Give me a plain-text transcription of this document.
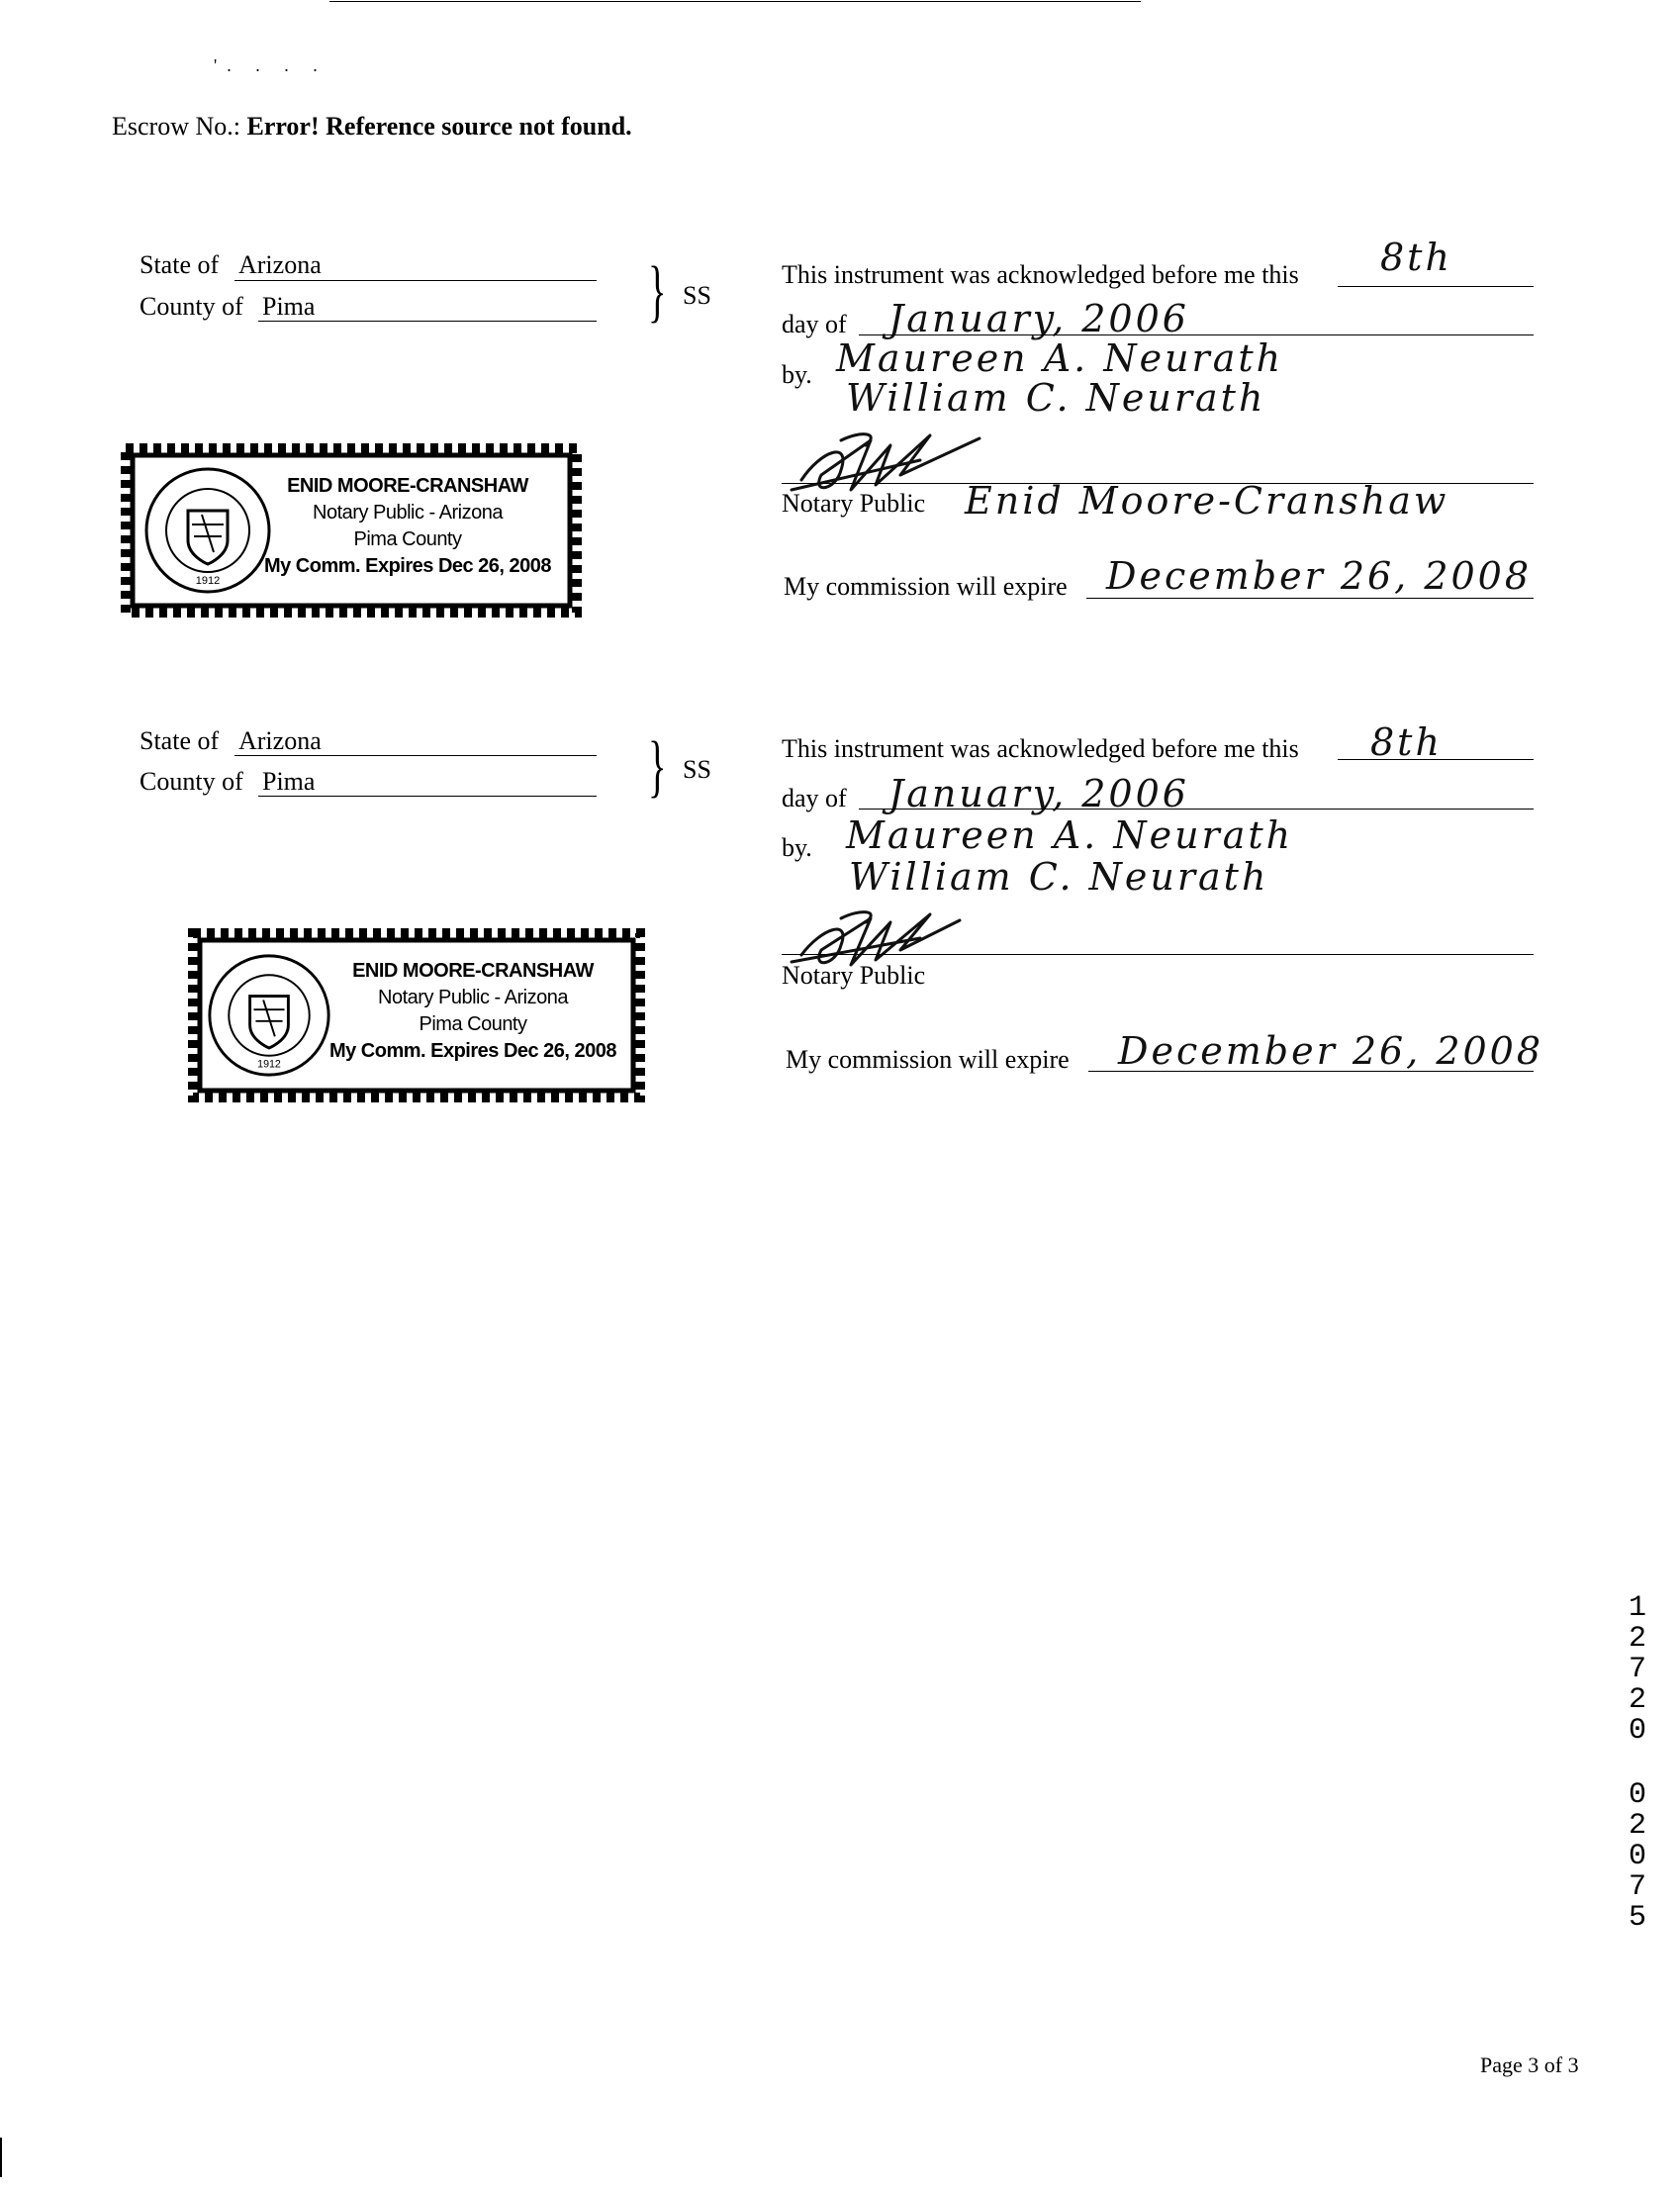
'. . . .
Escrow No.: Error! Reference source not found.
State of Arizona
County of Pima	} SS
This instrument was acknowledged before me this 8th
day of January, 2006
by. Maureen A. Neurath
William C. Neurath
Notary Public Enid Moore-Cranshaw
My commission will expire December 26, 2008
1912
ENID MOORE-CRANSHAW
Notary Public - Arizona
Pima County
My Comm. Expires Dec 26, 2008
State of Arizona
County of Pima	} SS
This instrument was acknowledged before me this 8th
day of January, 2006
by. Maureen A. Neurath
William C. Neurath
Notary Public
My commission will expire December 26, 2008
1912
ENID MOORE-CRANSHAW
Notary Public - Arizona
Pima County
My Comm. Expires Dec 26, 2008
1
2
7
2
0
0
2
0
7
5
Page 3 of 3
